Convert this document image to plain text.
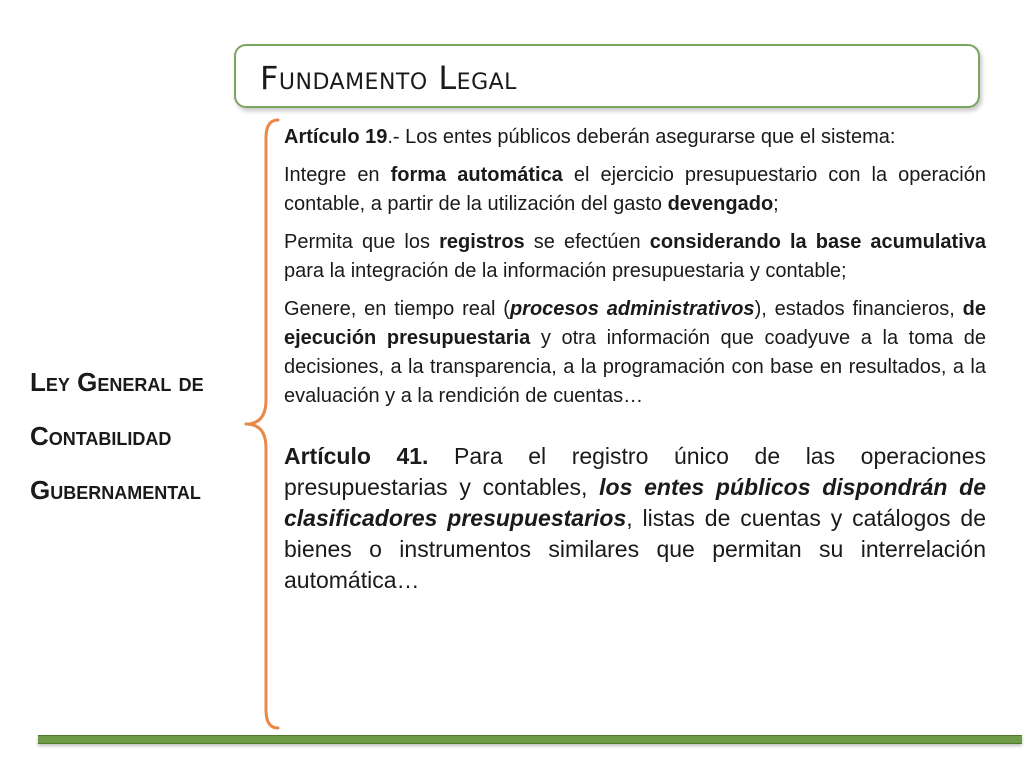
Fundamento Legal
Ley General de
Contabilidad
Gubernamental

Artículo 19.- Los entes públicos deberán asegurarse que el sistema:

Integre en forma automática el ejercicio presupuestario con la operación contable, a partir de la utilización del gasto devengado;

Permita que los registros se efectúen considerando la base acumulativa para la integración de la información presupuestaria y contable;

Genere, en tiempo real (procesos administrativos), estados financieros, de ejecución presupuestaria y otra información que coadyuve a la toma de decisiones, a la transparencia, a la programación con base en resultados, a la evaluación y a la rendición de cuentas…

Artículo 41. Para el registro único de las operaciones presupuestarias y contables, los entes públicos dispondrán de clasificadores presupuestarios, listas de cuentas y catálogos de bienes o instrumentos similares que permitan su interrelación automática…
